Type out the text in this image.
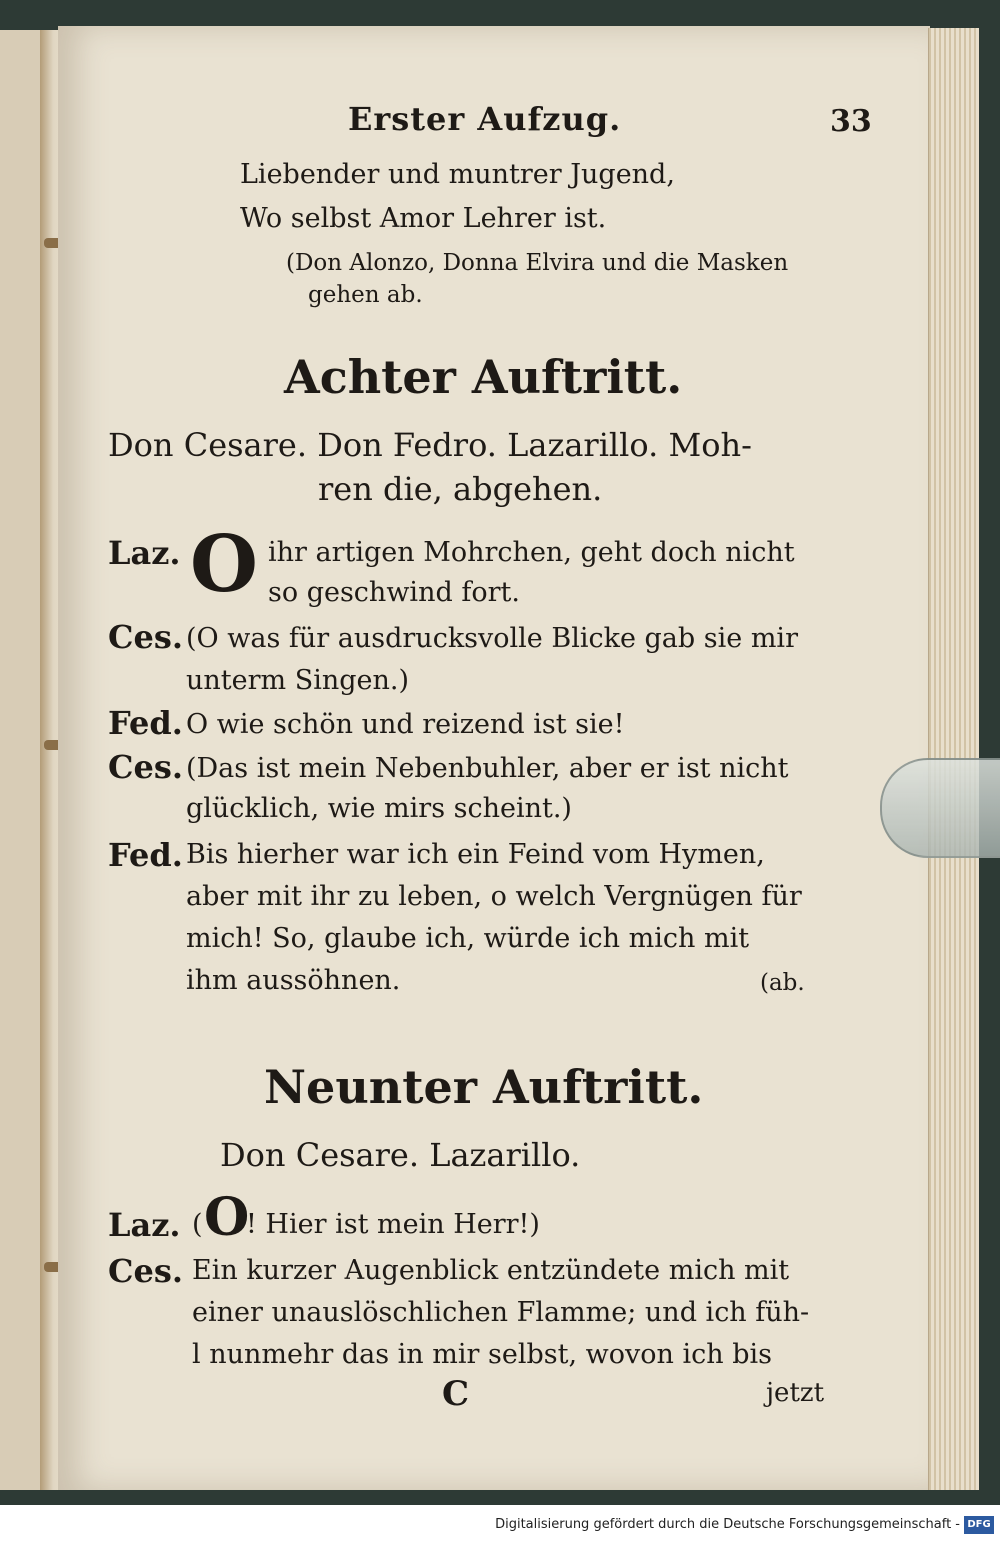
Erster Aufzug.	33
Liebender und muntrer Jugend,
Wo selbst Amor Lehrer ist.
(Don Alonzo, Donna Elvira und die Masken
gehen ab.
Achter Auftritt.
Don Cesare. Don Fedro. Lazarillo. Moh-
ren die, abgehen.
Laz. O ihr artigen Mohrchen, geht doch nicht
so geschwind fort.
Ces. (O was für ausdrucksvolle Blicke gab sie mir
unterm Singen.)
Fed. O wie schön und reizend ist sie!
Ces. (Das ist mein Nebenbuhler, aber er ist nicht
glücklich, wie mirs scheint.)
Fed. Bis hierher war ich ein Feind vom Hymen,
aber mit ihr zu leben, o welch Vergnügen für
mich! So, glaube ich, würde ich mich mit
ihm aussöhnen.	(ab.
Neunter Auftritt.
Don Cesare. Lazarillo.
Laz. ( O
! Hier ist mein Herr!)
Ces. Ein kurzer Augenblick entzündete mich mit
einer unauslöschlichen Flamme; und ich füh-
l nunmehr das in mir selbst, wovon ich bis
C	jetzt
Digitalisierung gefördert durch die Deutsche Forschungsgemeinschaft - DFG
